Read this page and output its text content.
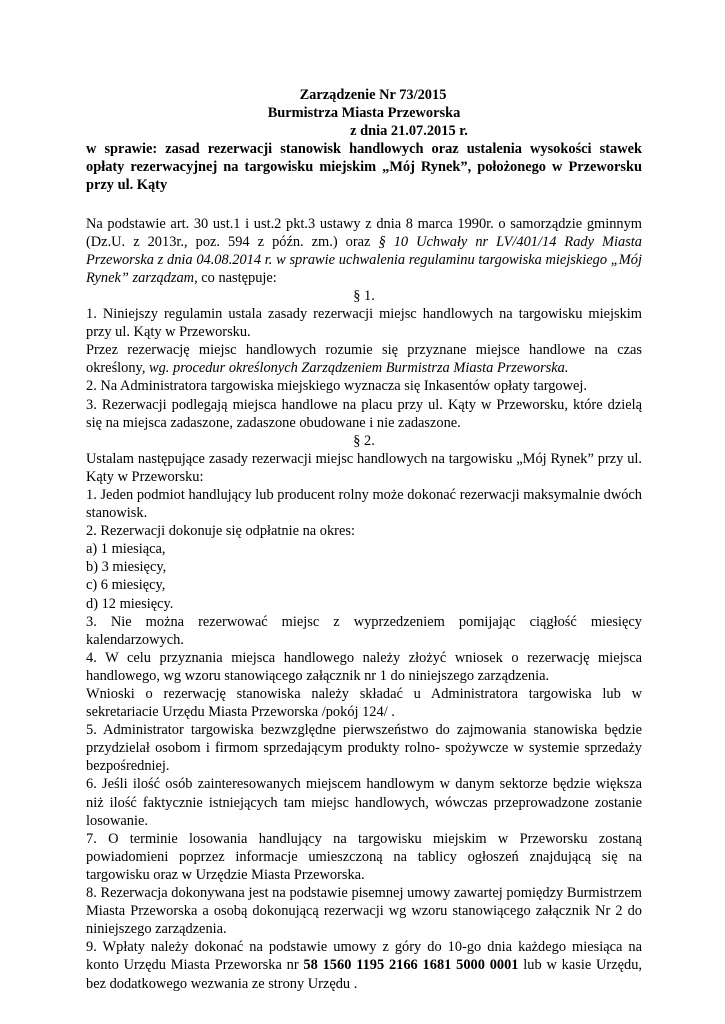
Zarządzenie Nr 73/2015
Burmistrza Miasta Przeworska
z dnia 21.07.2015 r.

w sprawie: zasad rezerwacji stanowisk handlowych oraz ustalenia wysokości stawek opłaty rezerwacyjnej na targowisku miejskim „Mój Rynek”, położonego w Przeworsku przy ul. Kąty

Na podstawie art. 30 ust.1 i ust.2 pkt.3 ustawy z dnia 8 marca 1990r. o samorządzie gminnym (Dz.U. z 2013r., poz. 594 z późn. zm.) oraz § 10 Uchwały nr LV/401/14 Rady Miasta Przeworska z dnia 04.08.2014 r. w sprawie uchwalenia regulaminu targowiska miejskiego „Mój Rynek” zarządzam, co następuje:

§ 1.

1. Niniejszy regulamin ustala zasady rezerwacji miejsc handlowych na targowisku miejskim przy ul. Kąty w Przeworsku.

Przez rezerwację miejsc handlowych rozumie się przyznane miejsce handlowe na czas określony, wg. procedur określonych Zarządzeniem Burmistrza Miasta Przeworska.

2. Na Administratora targowiska miejskiego wyznacza się Inkasentów opłaty targowej.

3. Rezerwacji podlegają miejsca handlowe na placu przy ul. Kąty w Przeworsku, które dzielą się na miejsca zadaszone, zadaszone obudowane i nie zadaszone.

§ 2.

Ustalam następujące zasady rezerwacji miejsc handlowych na targowisku „Mój Rynek” przy ul. Kąty w Przeworsku:

1. Jeden podmiot handlujący lub producent rolny może dokonać rezerwacji maksymalnie dwóch stanowisk.

2. Rezerwacji dokonuje się odpłatnie na okres:

a) 1 miesiąca,

b) 3 miesięcy,

c) 6 miesięcy,

d) 12 miesięcy.

3. Nie można rezerwować miejsc z wyprzedzeniem pomijając ciągłość miesięcy kalendarzowych.

4. W celu przyznania miejsca handlowego należy złożyć wniosek o rezerwację miejsca handlowego, wg wzoru stanowiącego załącznik nr 1 do niniejszego zarządzenia.

Wnioski o rezerwację stanowiska należy składać u Administratora targowiska lub w sekretariacie Urzędu Miasta Przeworska /pokój 124/ .

5. Administrator targowiska bezwzględne pierwszeństwo do zajmowania stanowiska będzie przydzielał osobom i firmom sprzedającym produkty rolno- spożywcze w systemie sprzedaży bezpośredniej.

6. Jeśli ilość osób zainteresowanych miejscem handlowym w danym sektorze będzie większa niż ilość faktycznie istniejących tam miejsc handlowych, wówczas przeprowadzone zostanie losowanie.

7. O terminie losowania handlujący na targowisku miejskim w Przeworsku zostaną powiadomieni poprzez informacje umieszczoną na tablicy ogłoszeń znajdującą się na targowisku oraz w Urzędzie Miasta Przeworska.

8. Rezerwacja dokonywana jest na podstawie pisemnej umowy zawartej pomiędzy Burmistrzem Miasta Przeworska a osobą dokonującą rezerwacji wg wzoru stanowiącego załącznik Nr 2 do niniejszego zarządzenia.

9. Wpłaty należy dokonać na podstawie umowy z góry do 10-go dnia każdego miesiąca na konto Urzędu Miasta Przeworska nr 58 1560 1195 2166 1681 5000 0001 lub w kasie Urzędu, bez dodatkowego wezwania ze strony Urzędu .
